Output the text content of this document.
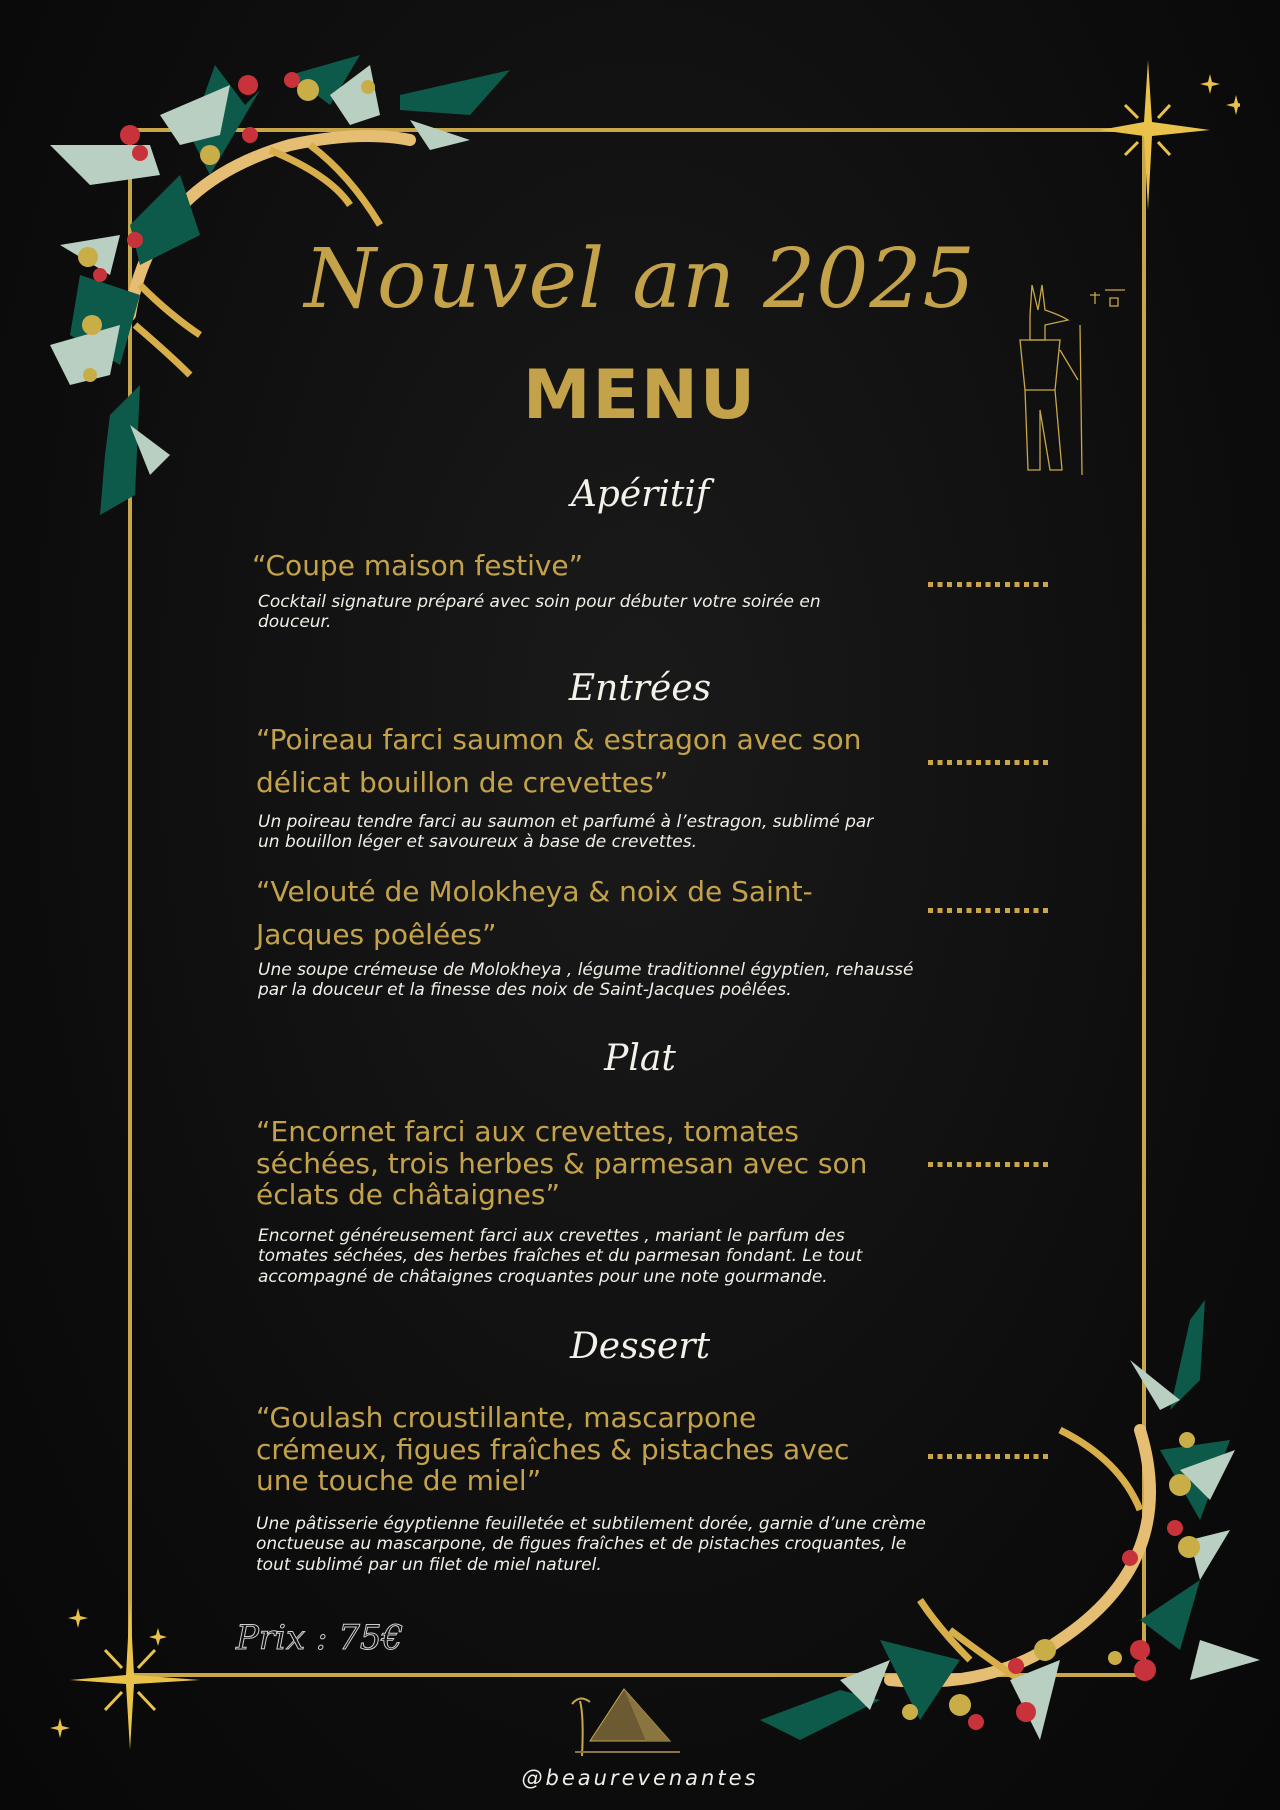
Nouvel an 2025
MENU
Apéritif
“Coupe maison festive”
Cocktail signature préparé avec soin pour débuter votre soirée en douceur.
Entrées
“Poireau farci saumon & estragon avec son délicat bouillon de crevettes”
Un poireau tendre farci au saumon et parfumé à l’estragon, sublimé par un bouillon léger et savoureux à base de crevettes.
“Velouté de Molokheya & noix de Saint-Jacques poêlées”
Une soupe crémeuse de Molokheya , légume traditionnel égyptien, rehaussé par la douceur et la finesse des noix de Saint-Jacques poêlées.
Plat
“Encornet farci aux crevettes, tomates séchées, trois herbes & parmesan avec son éclats de châtaignes”
Encornet généreusement farci aux crevettes , mariant le parfum des tomates séchées, des herbes fraîches et du parmesan fondant. Le tout accompagné de châtaignes croquantes pour une note gourmande.
Dessert
“Goulash croustillante, mascarpone crémeux, figues fraîches & pistaches avec une touche de miel”
Une pâtisserie égyptienne feuilletée et subtilement dorée, garnie d’une crème onctueuse au mascarpone, de figues fraîches et de pistaches croquantes, le tout sublimé par un filet de miel naturel.
Prix : 75€
@beaurevenantes
